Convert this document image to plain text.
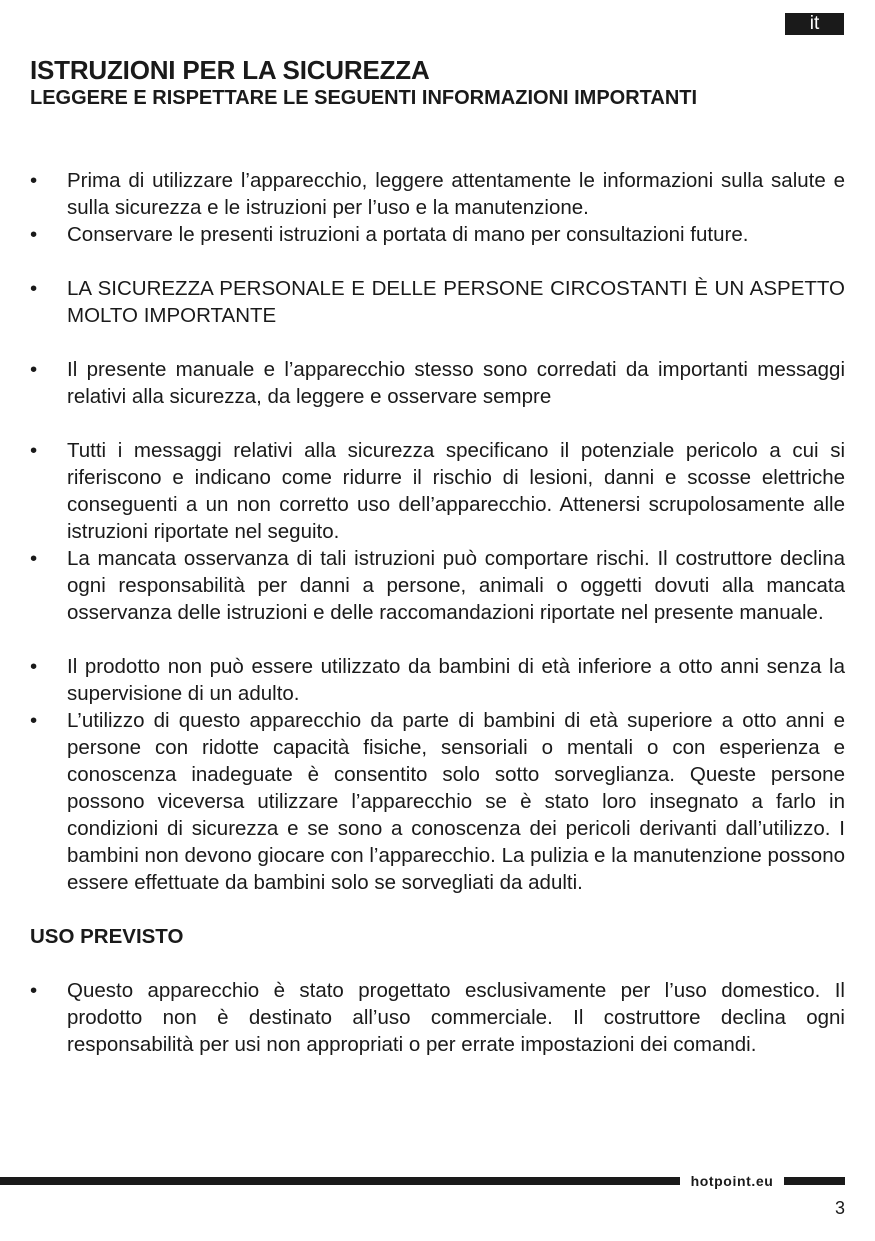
it
ISTRUZIONI PER LA SICUREZZA
LEGGERE E RISPETTARE LE SEGUENTI INFORMAZIONI IMPORTANTI

• Prima di utilizzare l’apparecchio, leggere attentamente le informazioni sulla salute e sulla sicurezza e le istruzioni per l’uso e la manutenzione.

• Conservare le presenti istruzioni a portata di mano per consultazioni future.

• LA SICUREZZA PERSONALE E DELLE PERSONE CIRCOSTANTI È UN ASPETTO MOLTO IMPORTANTE

• Il presente manuale e l’apparecchio stesso sono corredati da importanti messaggi relativi alla sicurezza, da leggere e osservare sempre

• Tutti i messaggi relativi alla sicurezza specificano il potenziale pericolo a cui si riferiscono e indicano come ridurre il rischio di lesioni, danni e scosse elettriche conseguenti a un non corretto uso dell’apparecchio. Attenersi scrupolosamente alle istruzioni riportate nel seguito.

• La mancata osservanza di tali istruzioni può comportare rischi. Il costruttore declina ogni responsabilità per danni a persone, animali o oggetti dovuti alla mancata osservanza delle istruzioni e delle raccomandazioni riportate nel presente manuale.

• Il prodotto non può essere utilizzato da bambini di età inferiore a otto anni senza la supervisione di un adulto.

• L’utilizzo di questo apparecchio da parte di bambini di età superiore a otto anni e persone con ridotte capacità fisiche, sensoriali o mentali o con esperienza e conoscenza inadeguate è consentito solo sotto sorveglianza. Queste persone possono viceversa utilizzare l’apparecchio se è stato loro insegnato a farlo in condizioni di sicurezza e se sono a conoscenza dei pericoli derivanti dall’utilizzo. I bambini non devono giocare con l’apparecchio. La pulizia e la manutenzione possono essere effettuate da bambini solo se sorvegliati da adulti.

USO PREVISTO

• Questo apparecchio è stato progettato esclusivamente per l’uso domestico. Il prodotto non è destinato all’uso commerciale. Il costruttore declina ogni responsabilità per usi non appropriati o per errate impostazioni dei comandi.

hotpoint.eu
3
